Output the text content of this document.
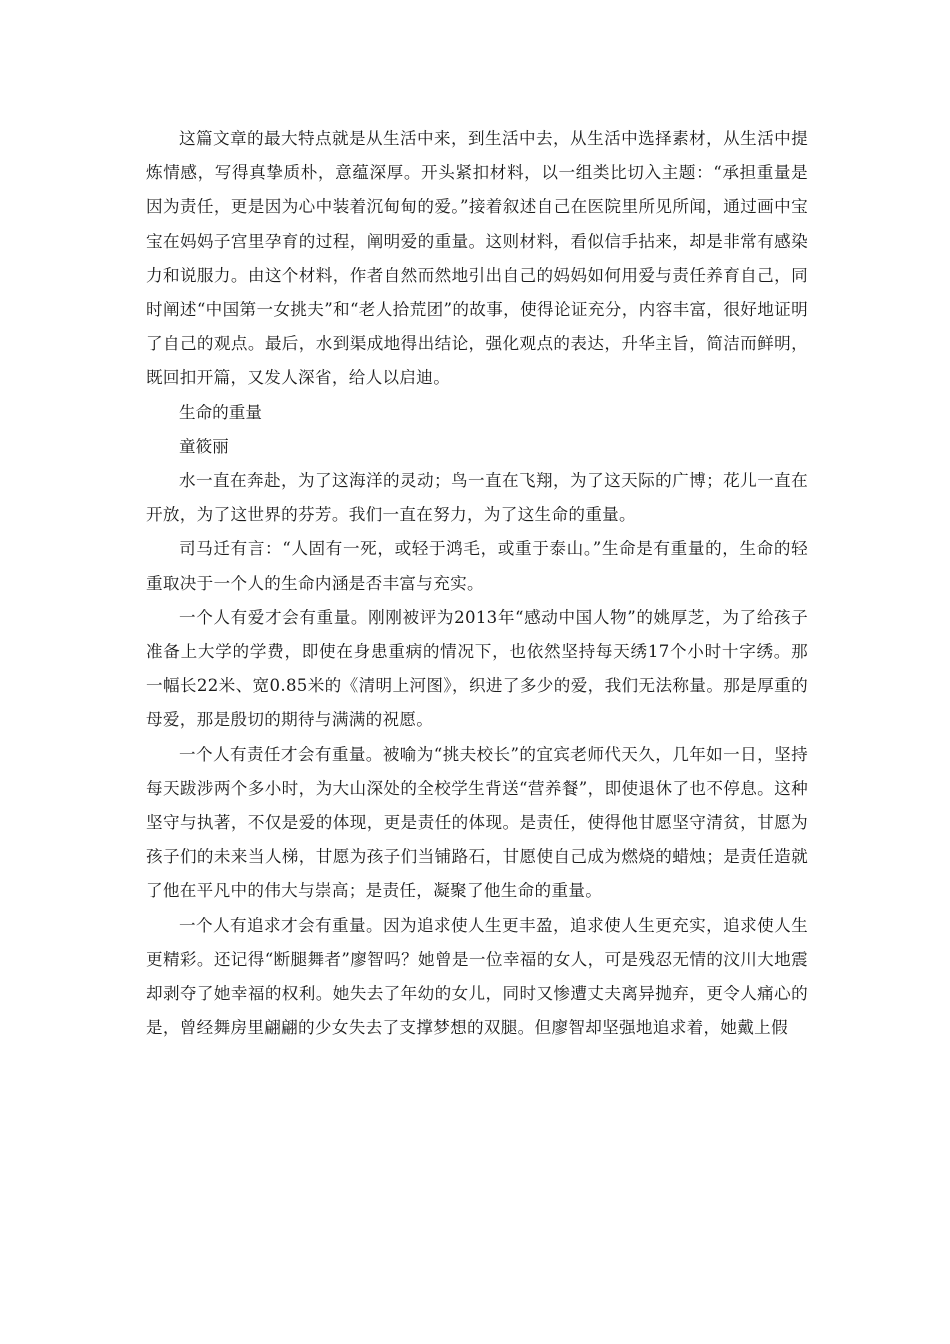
这篇文章的最大特点就是从生活中来，到生活中去，从生活中选择素材，从生活中提炼情感，写得真挚质朴，意蕴深厚。开头紧扣材料，以一组类比切入主题：“承担重量是因为责任，更是因为心中装着沉甸甸的爱。”接着叙述自己在医院里所见所闻，通过画中宝宝在妈妈子宫里孕育的过程，阐明爱的重量。这则材料，看似信手拈来，却是非常有感染力和说服力。由这个材料，作者自然而然地引出自己的妈妈如何用爱与责任养育自己，同时阐述“中国第一女挑夫”和“老人拾荒团”的故事，使得论证充分，内容丰富，很好地证明了自己的观点。最后，水到渠成地得出结论，强化观点的表达，升华主旨，简洁而鲜明，既回扣开篇，又发人深省，给人以启迪。

生命的重量

童筱丽

水一直在奔赴，为了这海洋的灵动；鸟一直在飞翔，为了这天际的广博；花儿一直在开放，为了这世界的芬芳。我们一直在努力，为了这生命的重量。

司马迁有言：“人固有一死，或轻于鸿毛，或重于泰山。”生命是有重量的，生命的轻重取决于一个人的生命内涵是否丰富与充实。

一个人有爱才会有重量。刚刚被评为2013年“感动中国人物”的姚厚芝，为了给孩子准备上大学的学费，即使在身患重病的情况下，也依然坚持每天绣17个小时十字绣。那一幅长22米、宽0.85米的《清明上河图》，织进了多少的爱，我们无法称量。那是厚重的母爱，那是殷切的期待与满满的祝愿。

一个人有责任才会有重量。被喻为“挑夫校长”的宜宾老师代天久，几年如一日，坚持每天跋涉两个多小时，为大山深处的全校学生背送“营养餐”，即使退休了也不停息。这种坚守与执著，不仅是爱的体现，更是责任的体现。是责任，使得他甘愿坚守清贫，甘愿为孩子们的未来当人梯，甘愿为孩子们当铺路石，甘愿使自己成为燃烧的蜡烛；是责任造就了他在平凡中的伟大与崇高；是责任，凝聚了他生命的重量。

一个人有追求才会有重量。因为追求使人生更丰盈，追求使人生更充实，追求使人生更精彩。还记得“断腿舞者”廖智吗？她曾是一位幸福的女人，可是残忍无情的汶川大地震却剥夺了她幸福的权利。她失去了年幼的女儿，同时又惨遭丈夫离异抛弃，更令人痛心的是，曾经舞房里翩翩的少女失去了支撑梦想的双腿。但廖智却坚强地追求着，她戴上假
